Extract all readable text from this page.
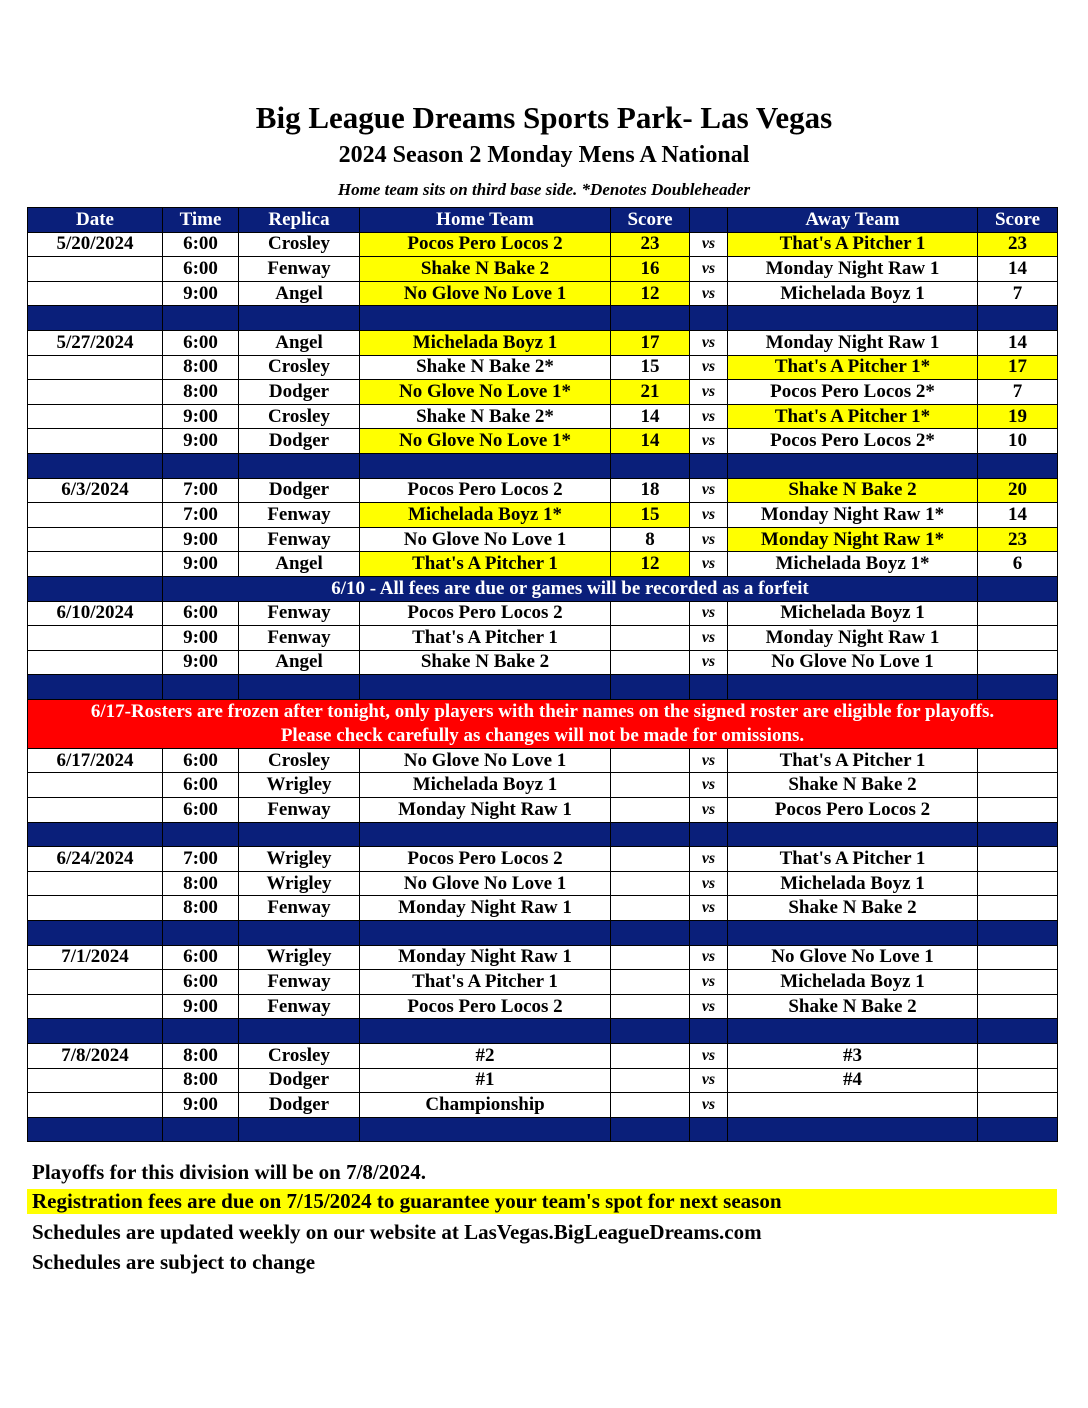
Big League Dreams Sports Park- Las Vegas
2024 Season 2 Monday Mens A National
Home team sits on third base side. *Denotes Doubleheader
Date	Time	Replica	Home Team	Score		Away Team	Score
5/20/2024	6:00	Crosley	Pocos Pero Locos 2	23	vs	That's A Pitcher 1	23
	6:00	Fenway	Shake N Bake 2	16	vs	Monday Night Raw 1	14
	9:00	Angel	No Glove No Love 1	12	vs	Michelada Boyz 1	7

5/27/2024	6:00	Angel	Michelada Boyz 1	17	vs	Monday Night Raw 1	14
	8:00	Crosley	Shake N Bake 2*	15	vs	That's A Pitcher 1*	17
	8:00	Dodger	No Glove No Love 1*	21	vs	Pocos Pero Locos 2*	7
	9:00	Crosley	Shake N Bake 2*	14	vs	That's A Pitcher 1*	19
	9:00	Dodger	No Glove No Love 1*	14	vs	Pocos Pero Locos 2*	10

6/3/2024	7:00	Dodger	Pocos Pero Locos 2	18	vs	Shake N Bake 2	20
	7:00	Fenway	Michelada Boyz 1*	15	vs	Monday Night Raw 1*	14
	9:00	Fenway	No Glove No Love 1	8	vs	Monday Night Raw 1*	23
	9:00	Angel	That's A Pitcher 1	12	vs	Michelada Boyz 1*	6
	6/10 - All fees are due or games will be recorded as a forfeit						
6/10/2024	6:00	Fenway	Pocos Pero Locos 2		vs	Michelada Boyz 1	
	9:00	Fenway	That's A Pitcher 1		vs	Monday Night Raw 1	
	9:00	Angel	Shake N Bake 2		vs	No Glove No Love 1	

6/17-Rosters are frozen after tonight, only players with their names on the signed roster are eligible for playoffs.
Please check carefully as changes will not be made for omissions.							

6/17/2024	6:00	Crosley	No Glove No Love 1		vs	That's A Pitcher 1	
	6:00	Wrigley	Michelada Boyz 1		vs	Shake N Bake 2	
	6:00	Fenway	Monday Night Raw 1		vs	Pocos Pero Locos 2	

6/24/2024	7:00	Wrigley	Pocos Pero Locos 2		vs	That's A Pitcher 1	
	8:00	Wrigley	No Glove No Love 1		vs	Michelada Boyz 1	
	8:00	Fenway	Monday Night Raw 1		vs	Shake N Bake 2	

7/1/2024	6:00	Wrigley	Monday Night Raw 1		vs	No Glove No Love 1	
	6:00	Fenway	That's A Pitcher 1		vs	Michelada Boyz 1	
	9:00	Fenway	Pocos Pero Locos 2		vs	Shake N Bake 2	

7/8/2024	8:00	Crosley	#2		vs	#3	
	8:00	Dodger	#1		vs	#4	
	9:00	Dodger	Championship		vs		

Playoffs for this division will be on 7/8/2024.
Registration fees are due on 7/15/2024 to guarantee your team's spot for next season
Schedules are updated weekly on our website at LasVegas.BigLeagueDreams.com
Schedules are subject to change
